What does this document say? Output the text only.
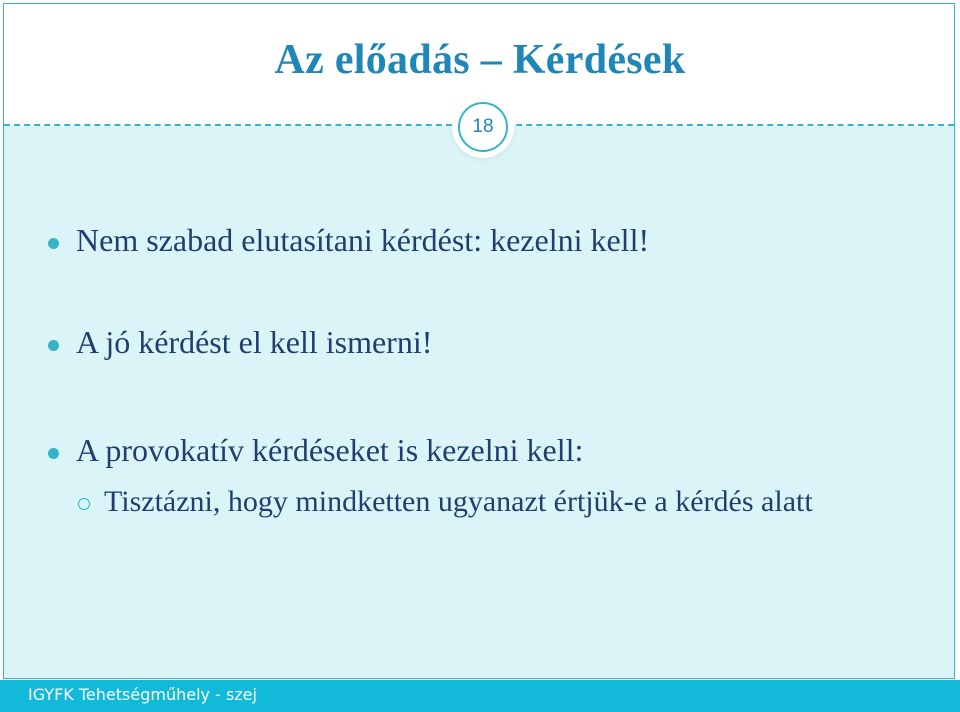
Az előadás – Kérdések
18
Nem szabad elutasítani kérdést: kezelni kell!
A jó kérdést el kell ismerni!
A provokatív kérdéseket is kezelni kell:
Tisztázni, hogy mindketten ugyanazt értjük-e a kérdés alatt
IGYFK Tehetségműhely - szej
